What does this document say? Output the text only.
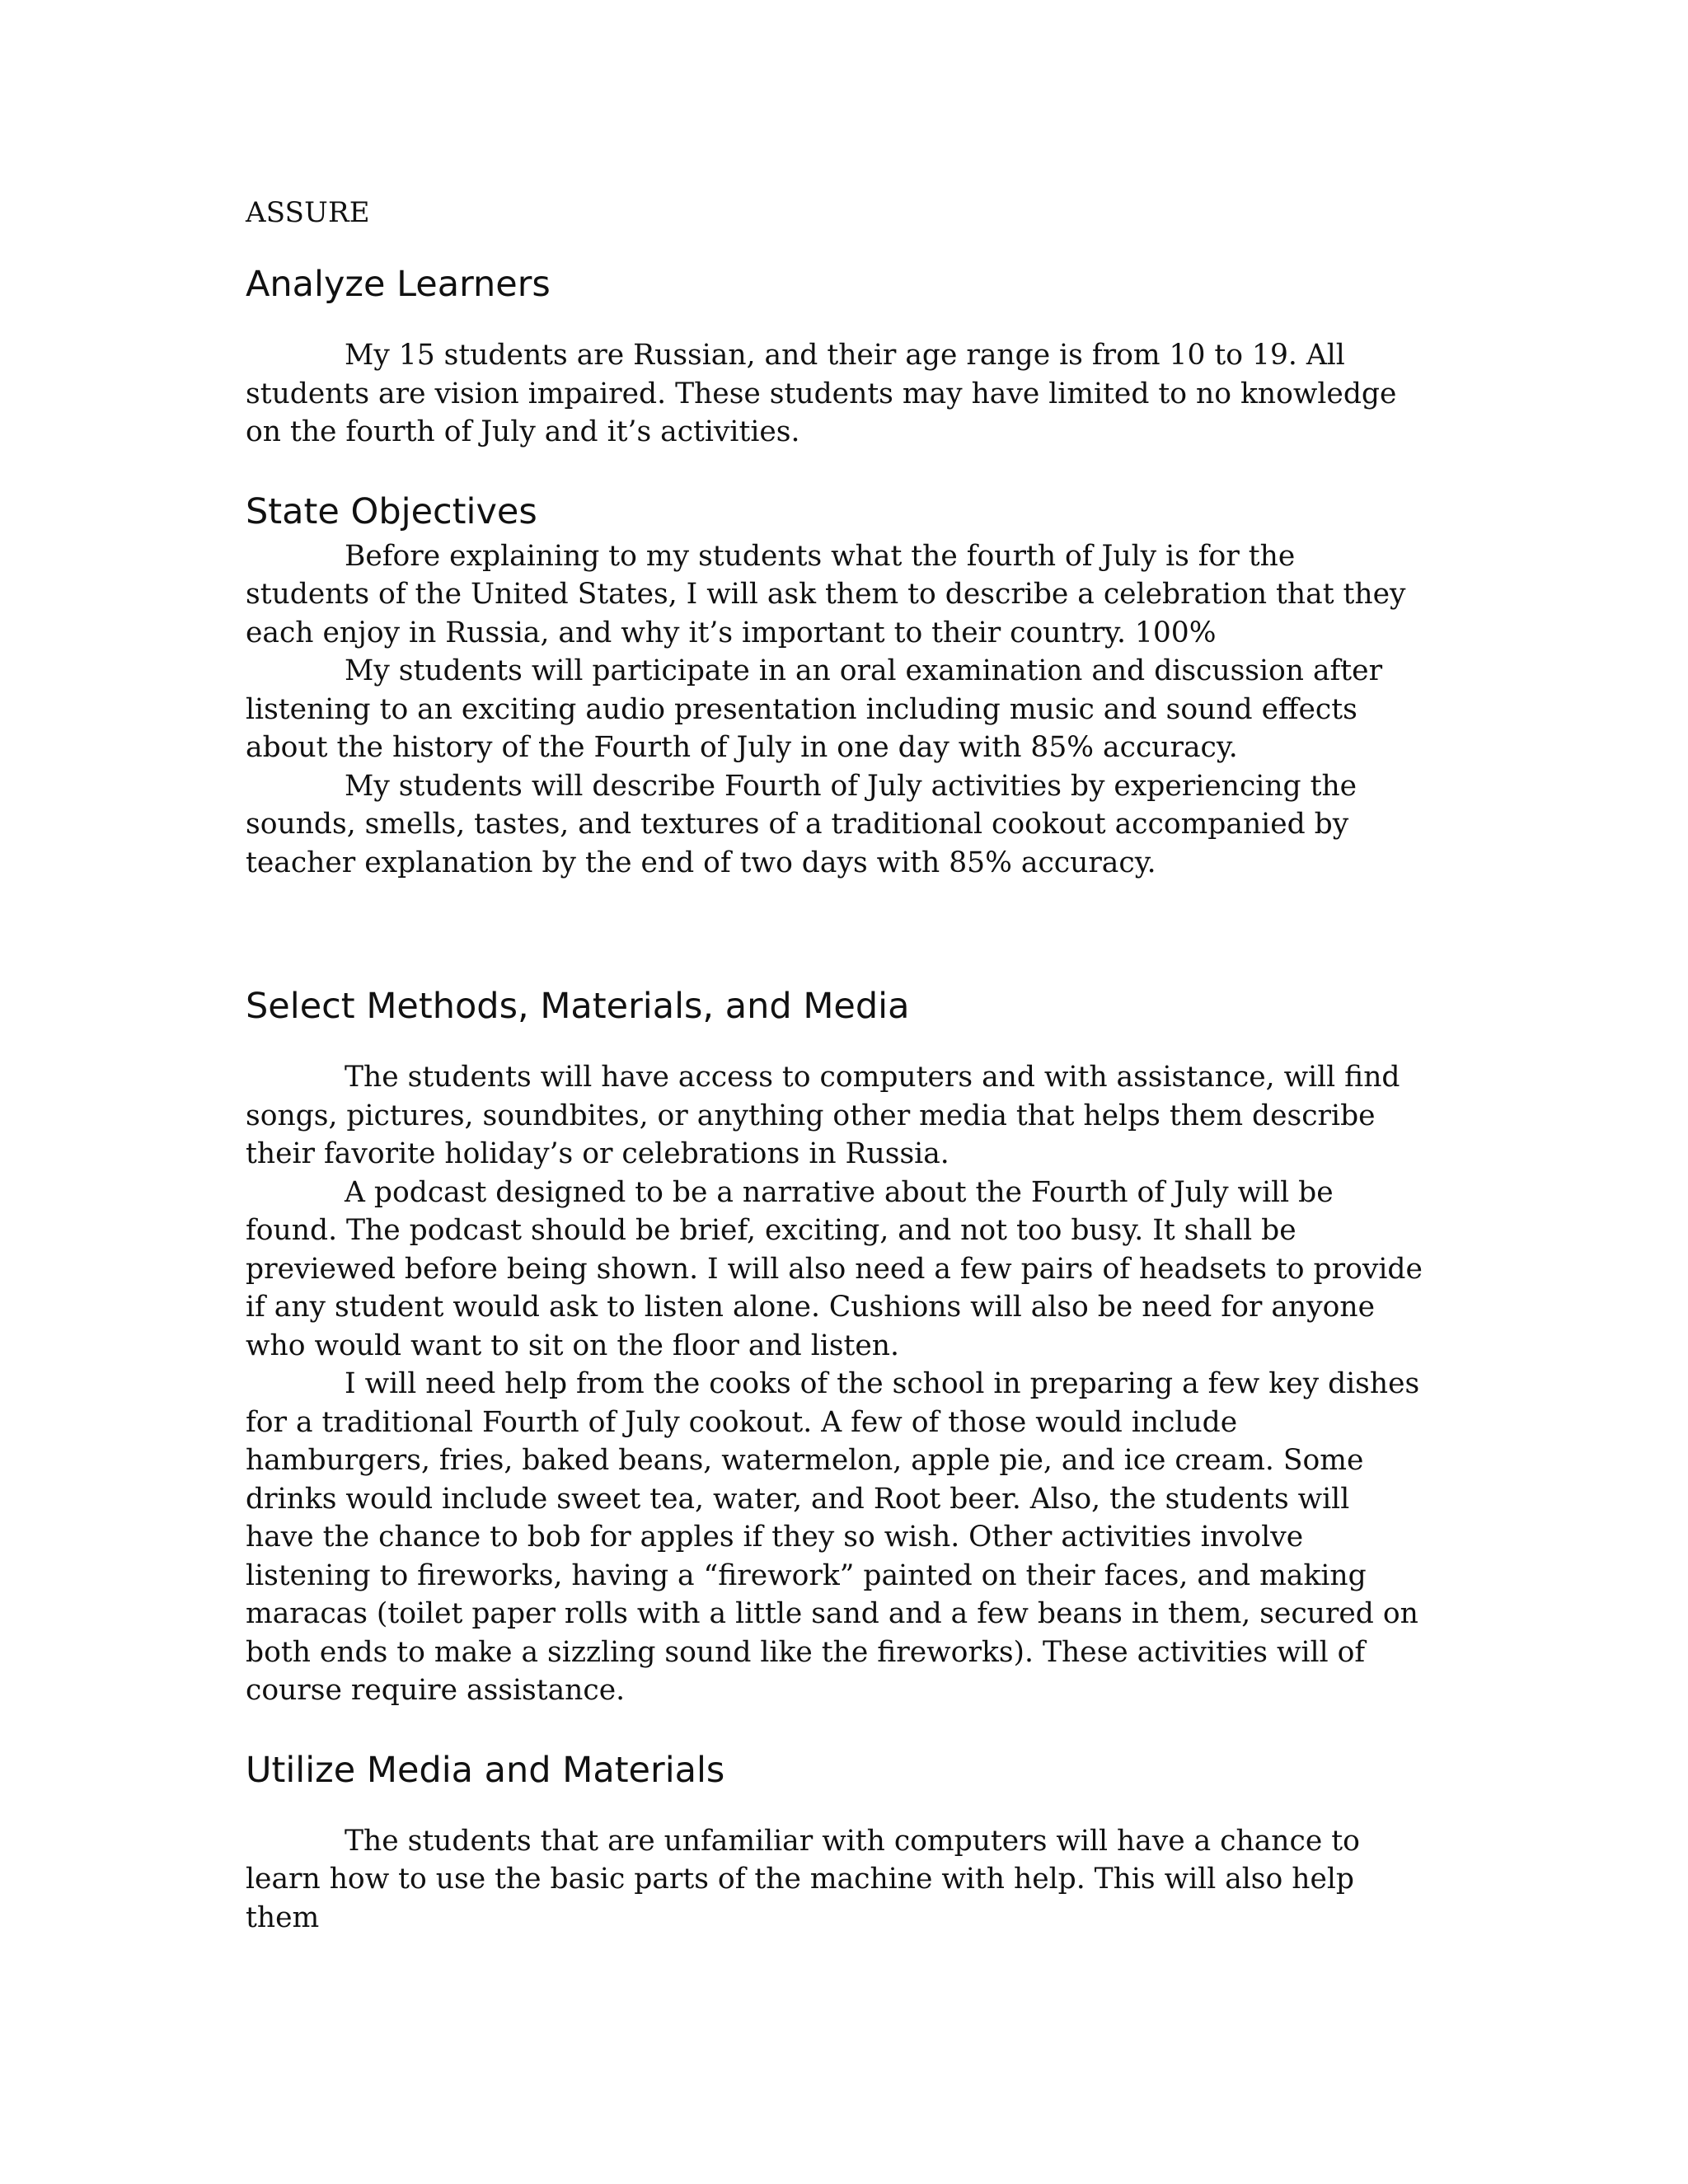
ASSURE

Analyze Learners

My 15 students are Russian, and their age range is from 10 to 19. All students are vision impaired. These students may have limited to no knowledge on the fourth of July and it’s activities.

State Objectives

Before explaining to my students what the fourth of July is for the students of the United States, I will ask them to describe a celebration that they each enjoy in Russia, and why it’s important to their country. 100%

My students will participate in an oral examination and discussion after listening to an exciting audio presentation including music and sound effects about the history of the Fourth of July in one day with 85% accuracy.

My students will describe Fourth of July activities by experiencing the sounds, smells, tastes, and textures of a traditional cookout accompanied by teacher explanation by the end of two days with 85% accuracy.

Select Methods, Materials, and Media

The students will have access to computers and with assistance, will find songs, pictures, soundbites, or anything other media that helps them describe their favorite holiday’s or celebrations in Russia.

A podcast designed to be a narrative about the Fourth of July will be found. The podcast should be brief, exciting, and not too busy. It shall be previewed before being shown. I will also need a few pairs of headsets to provide if any student would ask to listen alone. Cushions will also be need for anyone who would want to sit on the floor and listen.

I will need help from the cooks of the school in preparing a few key dishes for a traditional Fourth of July cookout. A few of those would include hamburgers, fries, baked beans, watermelon, apple pie, and ice cream. Some drinks would include sweet tea, water, and Root beer. Also, the students will have the chance to bob for apples if they so wish. Other activities involve listening to fireworks, having a “firework” painted on their faces, and making maracas (toilet paper rolls with a little sand and a few beans in them, secured on both ends to make a sizzling sound like the fireworks). These activities will of course require assistance.

Utilize Media and Materials

The students that are unfamiliar with computers will have a chance to learn how to use the basic parts of the machine with help. This will also help them
